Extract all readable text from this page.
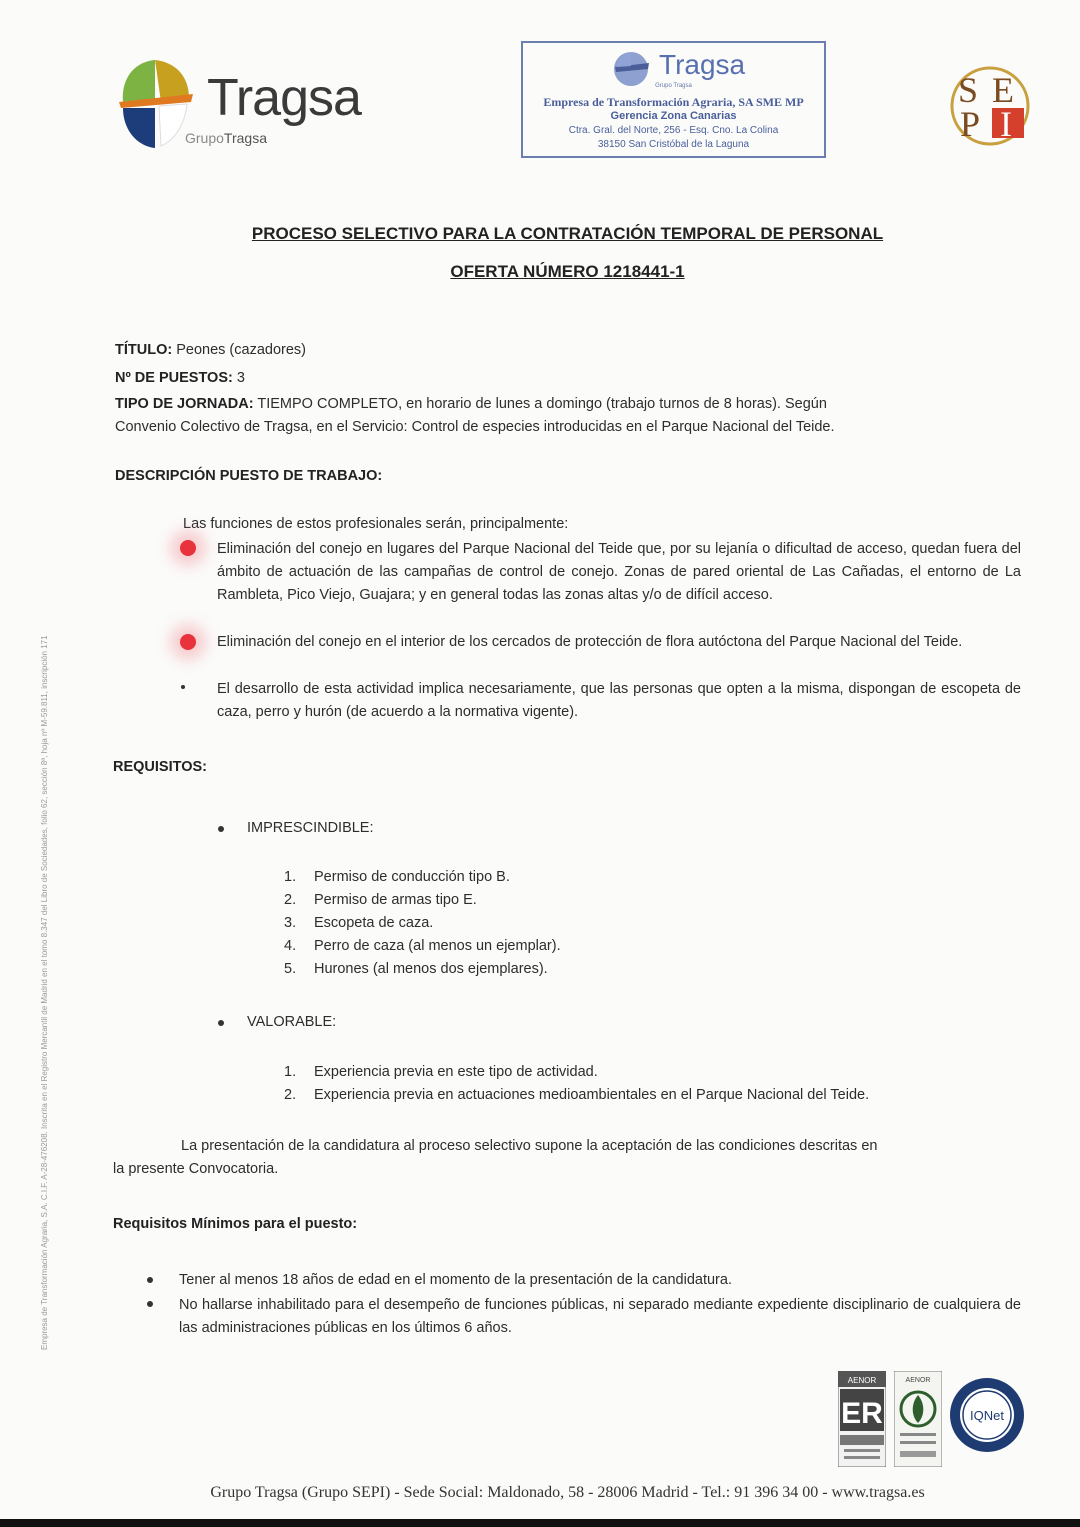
Tragsa
GrupoTragsa
Tragsa
Grupo Tragsa
Empresa de Transformación Agraria, SA SME MP
Gerencia Zona Canarias
Ctra. Gral. del Norte, 256 - Esq. Cno. La Colina
38150 San Cristóbal de la Laguna
S E
P I
Empresa de Transformación Agraria, S.A. C.I.F. A-28-476208. Inscrita en el Registro Mercantil de Madrid en el tomo 8.347 del Libro de Sociedades, folio 62, sección 8ª, hoja nº M-59.811, inscripción 171
PROCESO SELECTIVO PARA LA CONTRATACIÓN TEMPORAL DE PERSONAL
OFERTA NÚMERO 1218441-1
TÍTULO: Peones (cazadores)
Nº DE PUESTOS: 3
TIPO DE JORNADA: TIEMPO COMPLETO, en horario de lunes a domingo (trabajo turnos de 8 horas). Según
Convenio Colectivo de Tragsa, en el Servicio: Control de especies introducidas en el Parque Nacional del Teide.
DESCRIPCIÓN PUESTO DE TRABAJO:
Las funciones de estos profesionales serán, principalmente:
Eliminación del conejo en lugares del Parque Nacional del Teide que, por su lejanía o dificultad de acceso, quedan fuera del ámbito de actuación de las campañas de control de conejo. Zonas de pared oriental de Las Cañadas, el entorno de La Rambleta, Pico Viejo, Guajara; y en general todas las zonas altas y/o de difícil acceso.
Eliminación del conejo en el interior de los cercados de protección de flora autóctona del Parque Nacional del Teide.
El desarrollo de esta actividad implica necesariamente, que las personas que opten a la misma, dispongan de escopeta de caza, perro y hurón (de acuerdo a la normativa vigente).
REQUISITOS:
IMPRESCINDIBLE:
1. Permiso de conducción tipo B.
2. Permiso de armas tipo E.
3. Escopeta de caza.
4. Perro de caza (al menos un ejemplar).
5. Hurones (al menos dos ejemplares).
VALORABLE:
1. Experiencia previa en este tipo de actividad.
2. Experiencia previa en actuaciones medioambientales en el Parque Nacional del Teide.
La presentación de la candidatura al proceso selectivo supone la aceptación de las condiciones descritas en
la presente Convocatoria.
Requisitos Mínimos para el puesto:
Tener al menos 18 años de edad en el momento de la presentación de la candidatura.
No hallarse inhabilitado para el desempeño de funciones públicas, ni separado mediante expediente disciplinario de cualquiera de las administraciones públicas en los últimos 6 años.
AENOR
ER
AENOR
IQNet
Grupo Tragsa (Grupo SEPI) - Sede Social: Maldonado, 58 - 28006 Madrid - Tel.: 91 396 34 00 - www.tragsa.es
